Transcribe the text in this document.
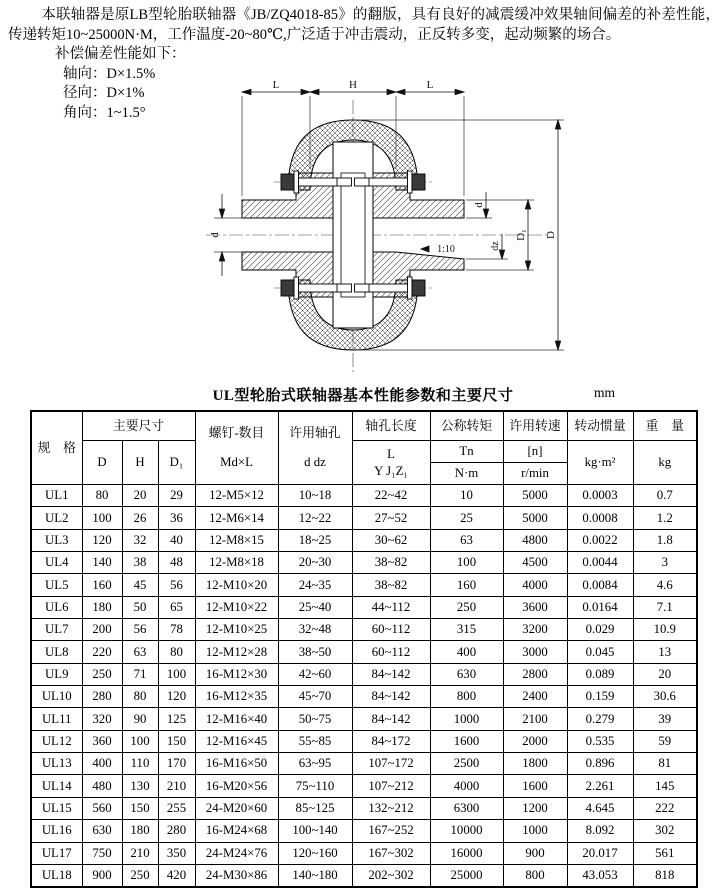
本联轴器是原LB型轮胎联轴器《JB/ZQ4018-85》的翻版，具有良好的减震缓冲效果轴间偏差的补差性能，传递转矩10~25000N·M，工作温度-20~80℃,广泛适于冲击震动，正反转多变，起动频繁的场合。

补偿偏差性能如下：

轴向：D×1.5%

径向：D×1%

角向：1~1.5°

L	H	L
d
d
dz
D₁ D
1:10
UL型轮胎式联轴器基本性能参数和主要尺寸	mm
规　格	主要尺寸	
螺钉-数目
Md×L

许用轴孔
d dz
	轴孔长度	公称转矩	许用转速	转动惯量	重　量
	D	H	D₁			L
Y J₁Z₁	Tn	[n]	kg·m²	kg
							N·m	r/min		
UL1	80	20	29	12-M5×12	10~18	22~42	10	5000	0.0003	0.7
UL2	100	26	36	12-M6×14	12~22	27~52	25	5000	0.0008	1.2
UL3	120	32	40	12-M8×15	18~25	30~62	63	4800	0.0022	1.8
UL4	140	38	48	12-M8×18	20~30	38~82	100	4500	0.0044	3
UL5	160	45	56	12-M10×20	24~35	38~82	160	4000	0.0084	4.6
UL6	180	50	65	12-M10×22	25~40	44~112	250	3600	0.0164	7.1
UL7	200	56	78	12-M10×25	32~48	60~112	315	3200	0.029	10.9
UL8	220	63	80	12-M12×28	38~50	60~112	400	3000	0.045	13
UL9	250	71	100	16-M12×30	42~60	84~142	630	2800	0.089	20
UL10	280	80	120	16-M12×35	45~70	84~142	800	2400	0.159	30.6
UL11	320	90	125	12-M16×40	50~75	84~142	1000	2100	0.279	39
UL12	360	100	150	12-M16×45	55~85	84~172	1600	2000	0.535	59
UL13	400	110	170	16-M16×50	63~95	107~172	2500	1800	0.896	81
UL14	480	130	210	16-M20×56	75~110	107~212	4000	1600	2.261	145
UL15	560	150	255	24-M20×60	85~125	132~212	6300	1200	4.645	222
UL16	630	180	280	16-M24×68	100~140	167~252	10000	1000	8.092	302
UL17	750	210	350	24-M24×76	120~160	167~302	16000	900	20.017	561
UL18	900	250	420	24-M30×86	140~180	202~302	25000	800	43.053	818
